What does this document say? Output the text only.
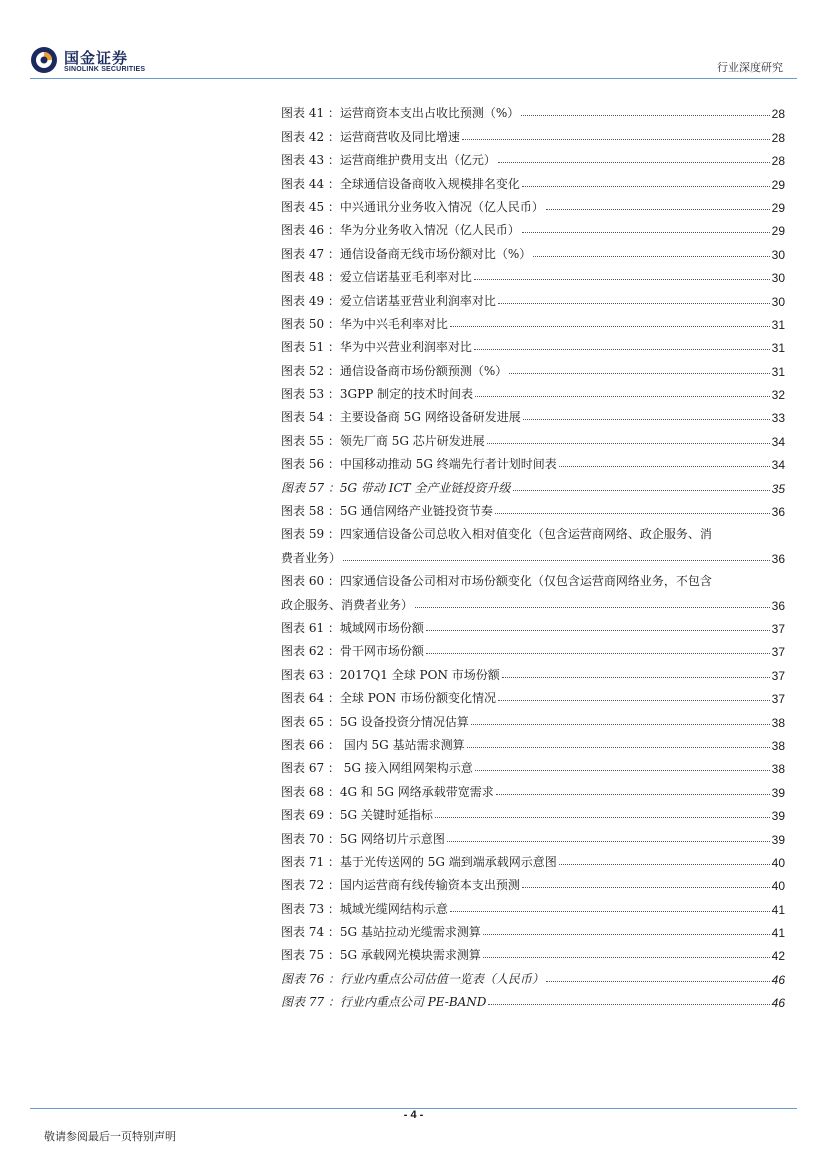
国金证券
SINOLINK SECURITIES	行业深度研究
图表 41 ：运营商资本支出占收比预测（%）	28
图表 42 ：运营商营收及同比增速	28
图表 43 ：运营商维护费用支出（亿元）	28
图表 44 ：全球通信设备商收入规模排名变化	29
图表 45 ：中兴通讯分业务收入情况（亿人民币）	29
图表 46 ：华为分业务收入情况（亿人民币）	29
图表 47 ：通信设备商无线市场份额对比（%）	30
图表 48 ：爱立信诺基亚毛利率对比	30
图表 49 ：爱立信诺基亚营业利润率对比	30
图表 50 ：华为中兴毛利率对比	31
图表 51 ：华为中兴营业利润率对比	31
图表 52 ：通信设备商市场份额预测（%）	31
图表 53 ：3GPP 制定的技术时间表	32
图表 54 ：主要设备商 5G 网络设备研发进展	33
图表 55 ：领先厂商 5G 芯片研发进展	34
图表 56 ：中国移动推动 5G 终端先行者计划时间表	34
图表 57 ：5G 带动 ICT 全产业链投资升级	35
图表 58 ：5G 通信网络产业链投资节奏	36
图表 59 ：四家通信设备公司总收入相对值变化（包含运营商网络、政企服务、消
费者业务）	36
图表 60 ：四家通信设备公司相对市场份额变化（仅包含运营商网络业务，不包含
政企服务、消费者业务）	36
图表 61 ：城域网市场份额	37
图表 62 ：骨干网市场份额	37
图表 63 ：2017Q1 全球 PON 市场份额	37
图表 64 ：全球 PON 市场份额变化情况	37
图表 65 ：5G 设备投资分情况估算	38
图表 66 ： 国内 5G 基站需求测算	38
图表 67 ： 5G 接入网组网架构示意	38
图表 68 ：4G 和 5G 网络承载带宽需求	39
图表 69 ：5G 关键时延指标	39
图表 70 ：5G 网络切片示意图	39
图表 71 ：基于光传送网的 5G 端到端承载网示意图	40
图表 72 ：国内运营商有线传输资本支出预测	40
图表 73 ：城域光缆网结构示意	41
图表 74 ：5G 基站拉动光缆需求测算	41
图表 75 ：5G 承载网光模块需求测算	42
图表 76 ：行业内重点公司估值一览表（人民币）	46
图表 77 ：行业内重点公司 PE-BAND	46
- 4 -
敬请参阅最后一页特别声明
